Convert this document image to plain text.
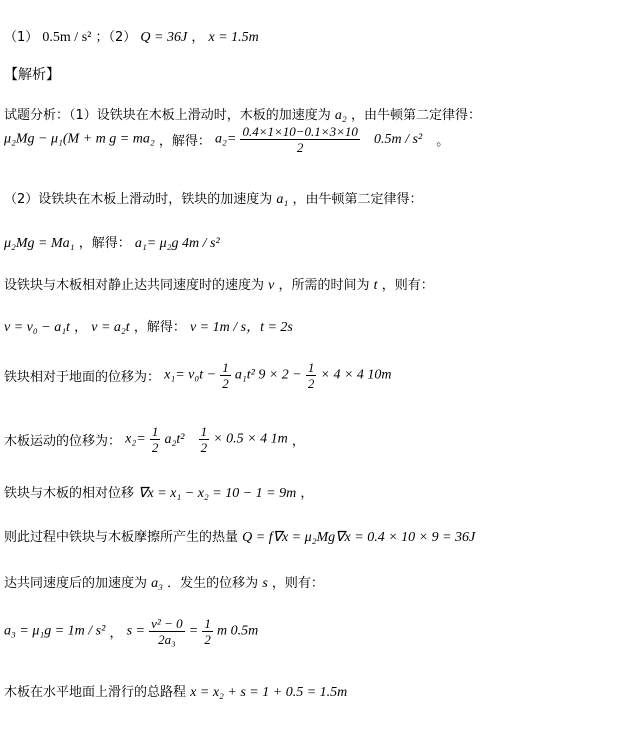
（1） 0.5m / s² ；（2） Q = 36J ， x = 1.5m
【解析】
试题分析：（1）设铁块在木板上滑动时，木板的加速度为 a₂ ，由牛顿第二定律得：
μ₂Mg − μ₁(M + m g = ma₂ ，解得： $a_2= \frac{0.4\times 1\times 10-0.1\times 3\times 10}{2} 0.5m / s^2$ 。
（2）设铁块在木板上滑动时，铁块的加速度为 a₁ ，由牛顿第二定律得：
μ₂Mg = Ma₁ ，解得： a₁= μ₂g 4m / s²
设铁块与木板相对静止达共同速度时的速度为 v ，所需的时间为 t ，则有：
v = v₀ − a₁t ， v = a₂t ，解得： v = 1m / s，t = 2s
铁块相对于地面的位移为： $x_1= v_0t - \frac{1}{2} a_1t^2$ $9 \times 2 - \frac{1}{2} \times 4 \times 4$ 10m
木板运动的位移为： $x_2= \frac{1}{2} a_2t^2 \frac{1}{2} \times 0.5 \times 4$ 1m ，
铁块与木板的相对位移 ∇x = x₁ − x₂ = 10 − 1 = 9m ，
则此过程中铁块与木板摩擦所产生的热量 Q = f∇x = μ₂Mg∇x = 0.4 × 10 × 9 = 36J
达共同速度后的加速度为 a₃ ．发生的位移为 s ，则有：
a₃ = μ₁g = 1m / s² ， $s = \frac{\text{v² − 0}}{\text{2a₃}} = \frac{1}{2}$ m 0.5m
木板在水平地面上滑行的总路程 x = x₂ + s = 1 + 0.5 = 1.5m
